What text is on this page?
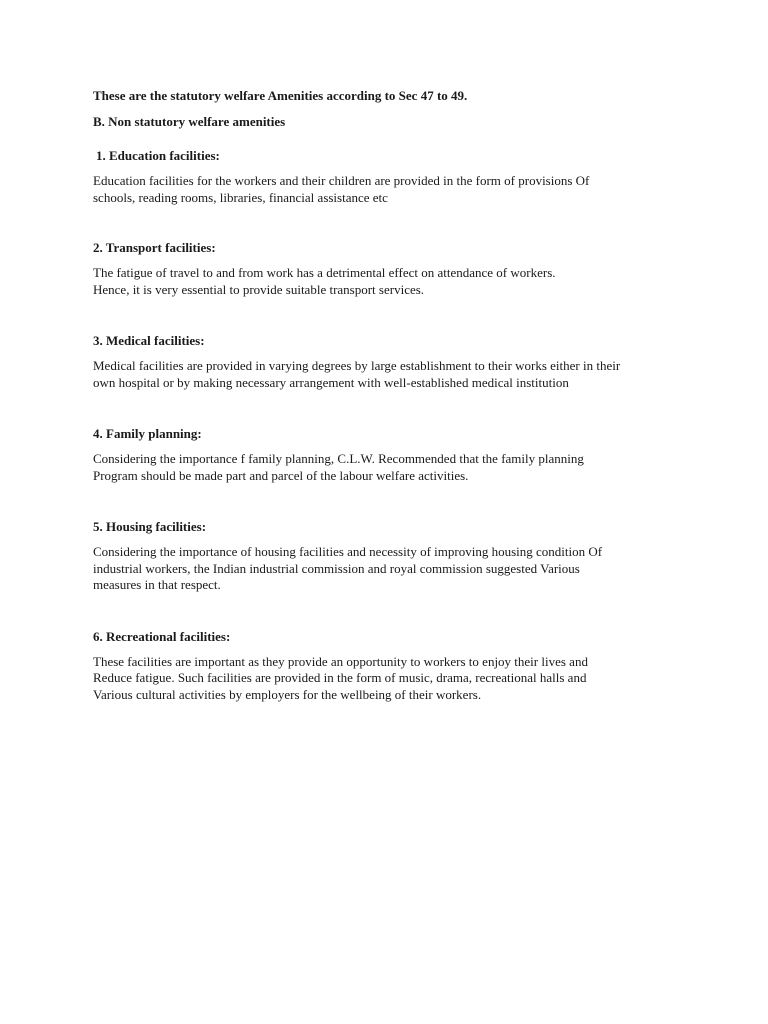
These are the statutory welfare Amenities according to Sec 47 to 49.

B. Non statutory welfare amenities

1. Education facilities:

Education facilities for the workers and their children are provided in the form of provisions Of
schools, reading rooms, libraries, financial assistance etc

2. Transport facilities:

The fatigue of travel to and from work has a detrimental effect on attendance of workers.
Hence, it is very essential to provide suitable transport services.

3. Medical facilities:

Medical facilities are provided in varying degrees by large establishment to their works either in their
own hospital or by making necessary arrangement with well-established medical institution

4. Family planning:

Considering the importance f family planning, C.L.W. Recommended that the family planning
Program should be made part and parcel of the labour welfare activities.

5. Housing facilities:

Considering the importance of housing facilities and necessity of improving housing condition Of
industrial workers, the Indian industrial commission and royal commission suggested Various
measures in that respect.

6. Recreational facilities:

These facilities are important as they provide an opportunity to workers to enjoy their lives and
Reduce fatigue. Such facilities are provided in the form of music, drama, recreational halls and
Various cultural activities by employers for the wellbeing of their workers.
